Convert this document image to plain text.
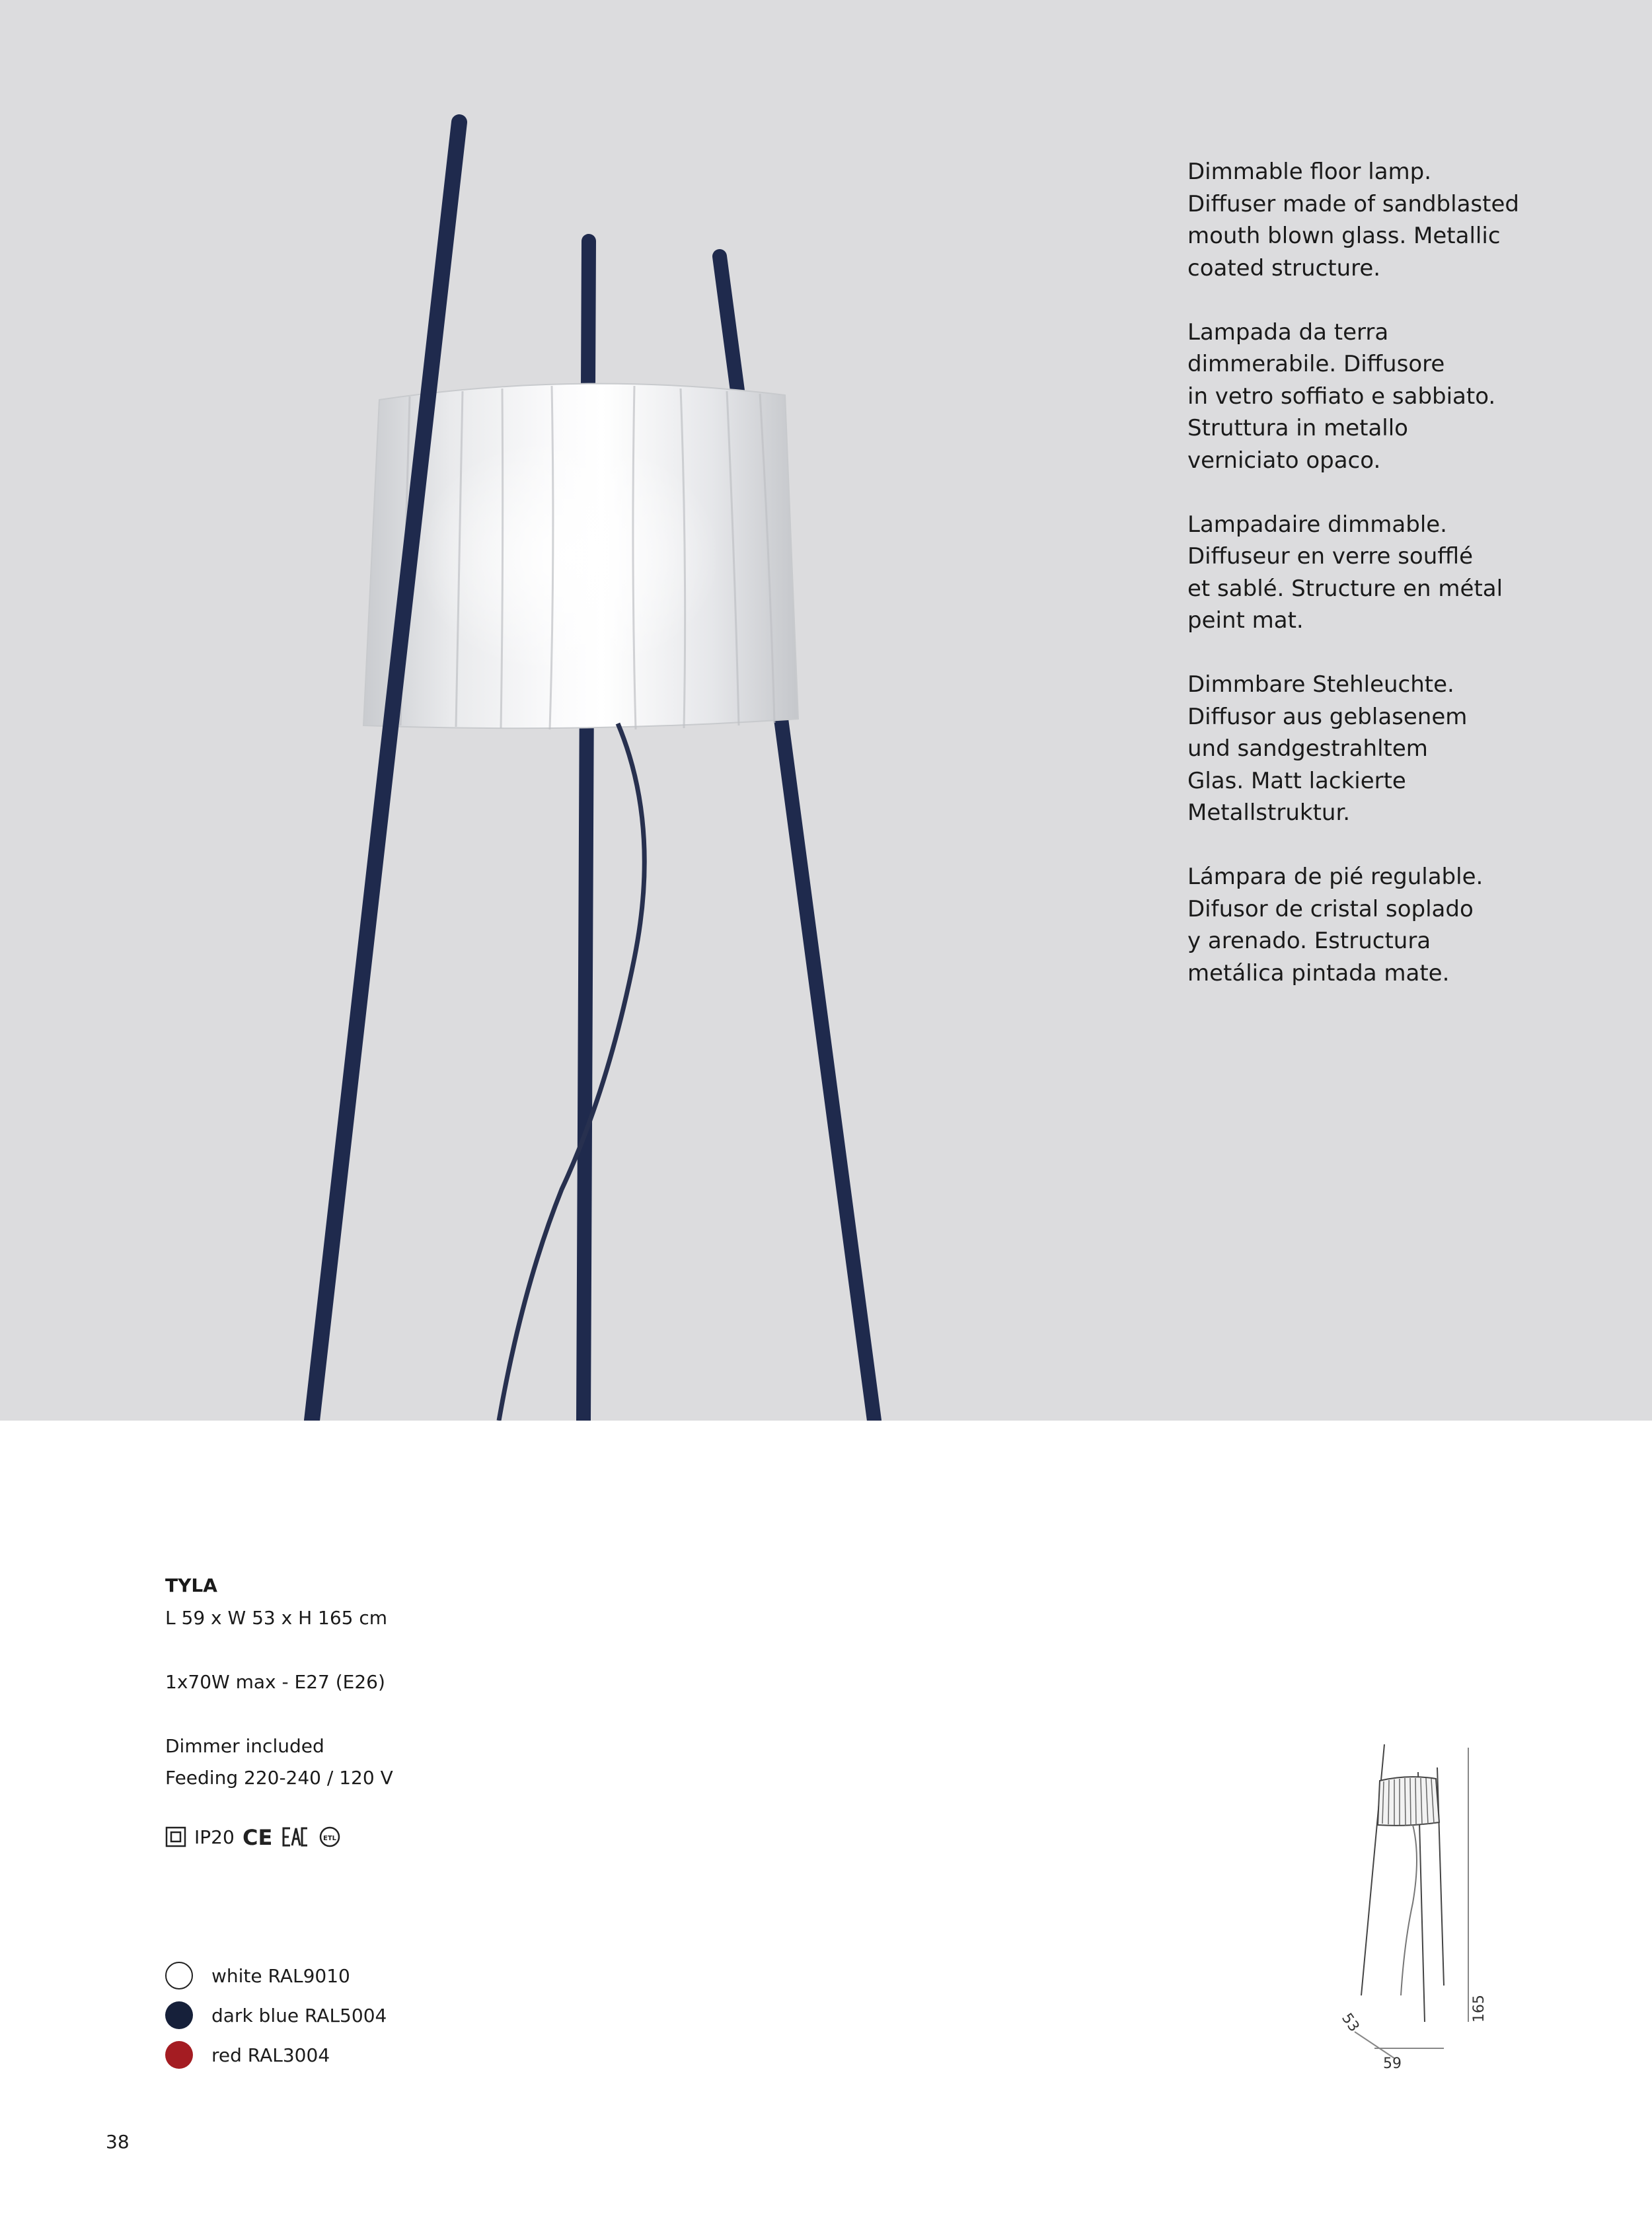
Dimmable floor lamp.
Diffuser made of sandblasted
mouth blown glass. Metallic
coated structure.

Lampada da terra
dimmerabile. Diffusore
in vetro soffiato e sabbiato.
Struttura in metallo
verniciato opaco.

Lampadaire dimmable.
Diffuseur en verre soufflé
et sablé. Structure en métal
peint mat.

Dimmbare Stehleuchte.
Diffusor aus geblasenem
und sandgestrahltem
Glas. Matt lackierte
Metallstruktur.

Lámpara de pié regulable.
Difusor de cristal soplado
y arenado. Estructura
metálica pintada mate.

TYLA
L 59 x W 53 x H 165 cm
1x70W max - E27 (E26)
Dimmer included
Feeding 220-240 / 120 V
IP20 CE	ETL
white RAL9010
dark blue RAL5004
red RAL3004
165
53
59
38
